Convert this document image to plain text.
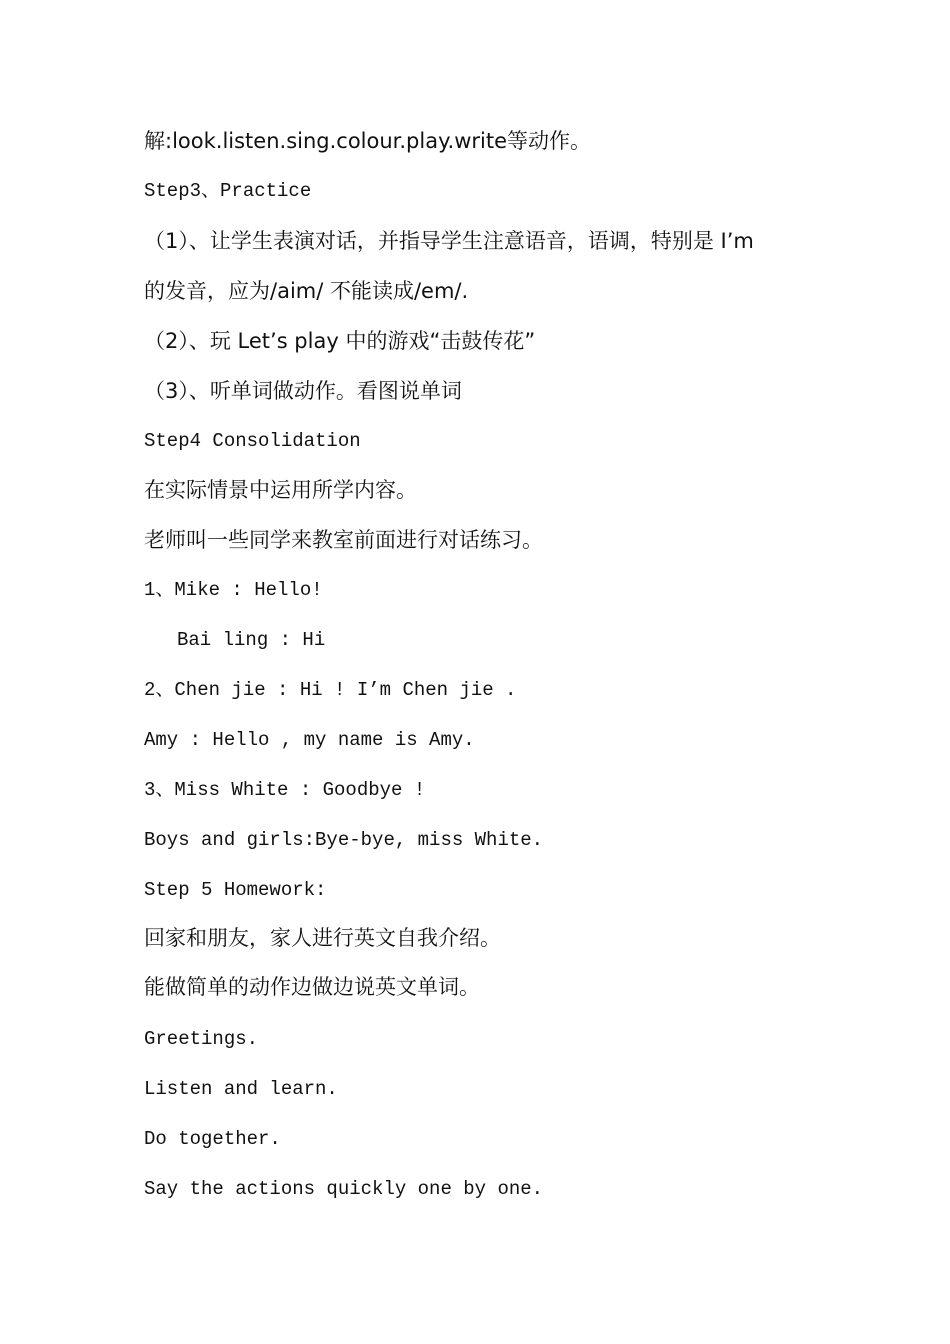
解:look.listen.sing.colour.play.write等动作。
Step3、Practice
（1）、让学生表演对话，并指导学生注意语音，语调，特别是 I’m
的发音，应为/aim/ 不能读成/em/.
（2）、玩 Let’s play 中的游戏“击鼓传花”
（3）、听单词做动作。看图说单词
Step4 Consolidation
在实际情景中运用所学内容。
老师叫一些同学来教室前面进行对话练习。
1、Mike : Hello!
Bai ling : Hi
2、Chen jie : Hi ! I’m Chen jie .
Amy : Hello , my name is Amy.
3、Miss White : Goodbye !
Boys and girls:Bye-bye, miss White.
Step 5 Homework:
回家和朋友，家人进行英文自我介绍。
能做简单的动作边做边说英文单词。
Greetings.
Listen and learn.
Do together.
Say the actions quickly one by one.
